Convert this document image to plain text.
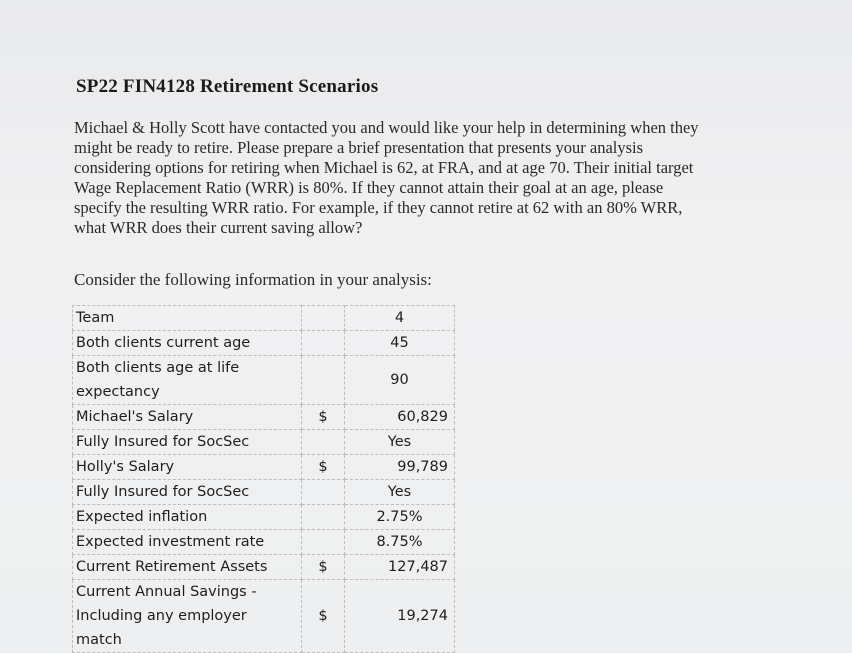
SP22 FIN4128 Retirement Scenarios
Michael & Holly Scott have contacted you and would like your help in determining when they
might be ready to retire. Please prepare a brief presentation that presents your analysis
considering options for retiring when Michael is 62, at FRA, and at age 70. Their initial target
Wage Replacement Ratio (WRR) is 80%. If they cannot attain their goal at an age, please
specify the resulting WRR ratio. For example, if they cannot retire at 62 with an 80% WRR,
what WRR does their current saving allow?
Consider the following information in your analysis:
Team		4

Both clients current age		45

Both clients age at life
expectancy		90

Michael's Salary	$	60,829

Fully Insured for SocSec		Yes

Holly's Salary	$	99,789

Fully Insured for SocSec		Yes

Expected inflation		2.75%

Expected investment rate		8.75%

Current Retirement Assets	$	127,487

Current Annual Savings -
Including any employer
match	$	19,274
